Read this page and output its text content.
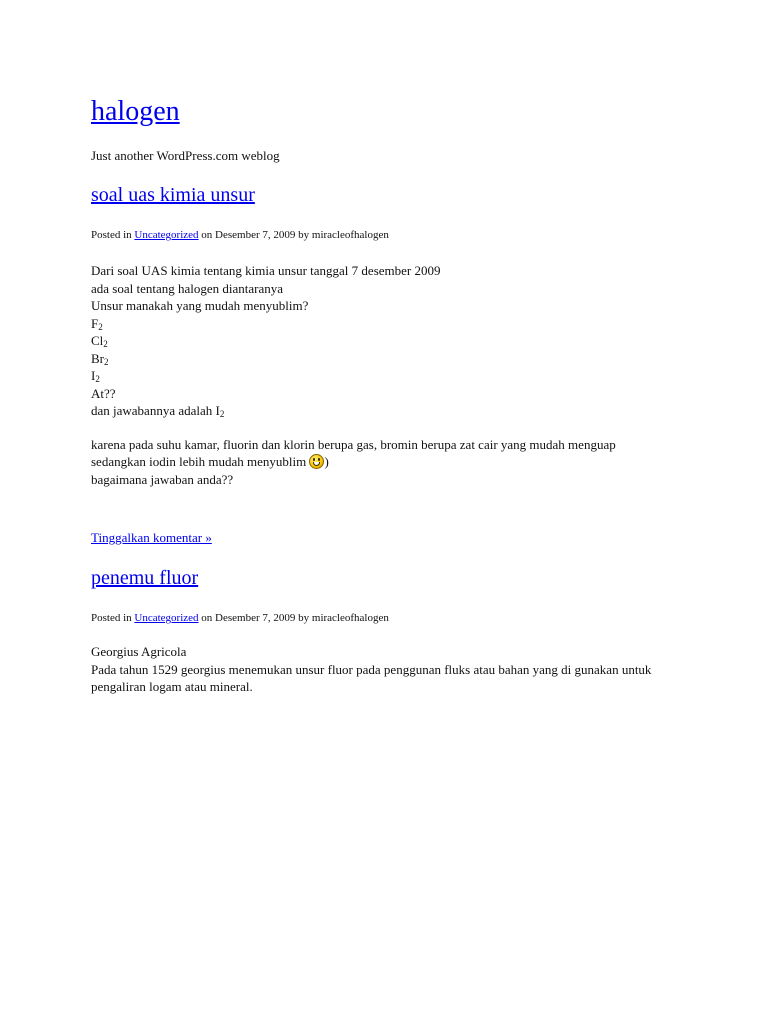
halogen
Just another WordPress.com weblog
soal uas kimia unsur
Posted in Uncategorized on Desember 7, 2009 by miracleofhalogen

Dari soal UAS kimia tentang kimia unsur tanggal 7 desember 2009
ada soal tentang halogen diantaranya
Unsur manakah yang mudah menyublim?
$F_2$
$Cl_2$
$Br_2$
$I_2$
At??
dan jawabannya adalah $I_2$

karena pada suhu kamar, fluorin dan klorin berupa gas, bromin berupa zat cair yang mudah menguap
sedangkan iodin lebih mudah menyublim )
bagaimana jawaban anda??

Tinggalkan komentar »
penemu fluor
Posted in Uncategorized on Desember 7, 2009 by miracleofhalogen

Georgius Agricola
Pada tahun 1529 georgius menemukan unsur fluor pada penggunan fluks atau bahan yang di gunakan untuk pengaliran logam atau mineral.
